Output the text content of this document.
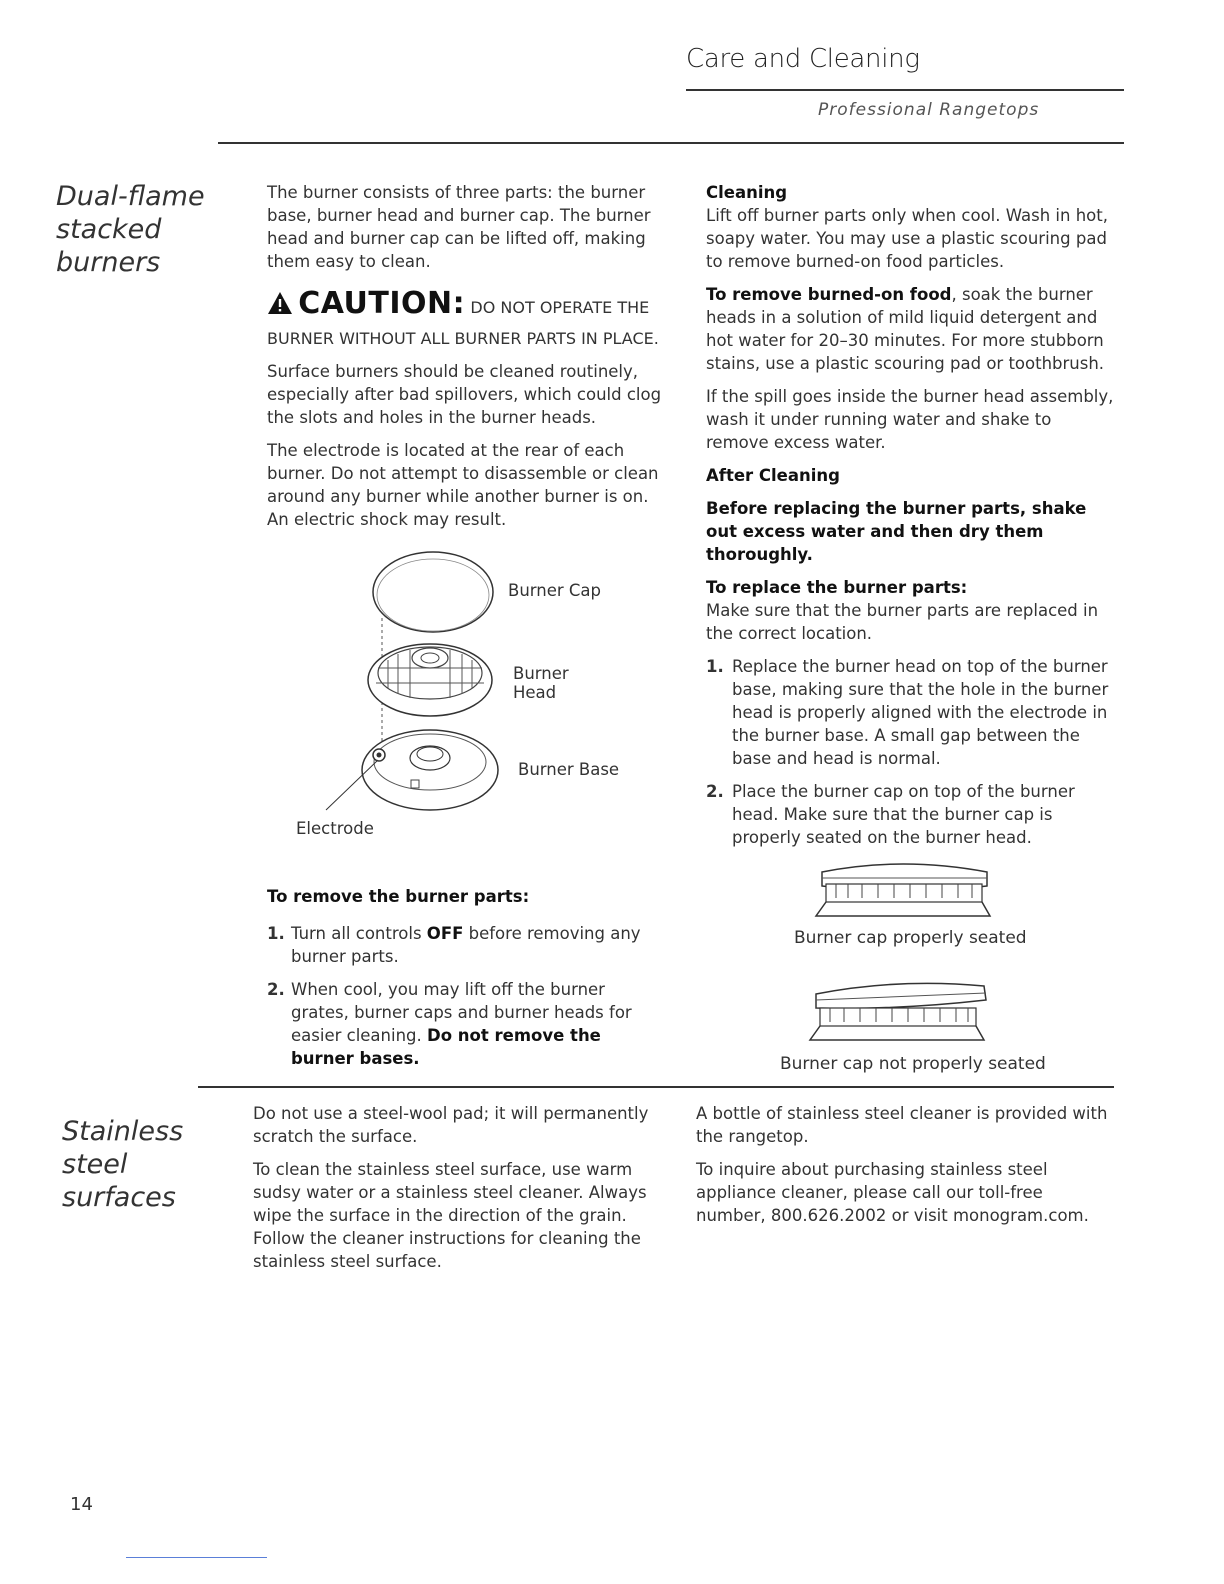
Care and Cleaning
Professional Rangetops
Dual-flame
stacked burners

The burner consists of three parts: the burner base, burner head and burner cap. The burner head and burner cap can be lifted off, making them easy to clean.

CAUTION: DO NOT OPERATE THE
BURNER WITHOUT ALL BURNER PARTS IN PLACE.

Surface burners should be cleaned routinely, especially after bad spillovers, which could clog the slots and holes in the burner heads.

The electrode is located at the rear of each burner. Do not attempt to disassemble or clean around any burner while another burner is on. An electric shock may result.

Burner Cap
Burner
Head
Burner Base
Electrode
To remove the burner parts:
1. Turn all controls OFF before removing any burner parts.
2. When cool, you may lift off the burner grates, burner caps and burner heads for easier cleaning. Do not remove the burner bases.
Cleaning

Lift off burner parts only when cool. Wash in hot, soapy water. You may use a plastic scouring pad to remove burned-on food particles.

To remove burned-on food, soak the burner heads in a solution of mild liquid detergent and hot water for 20–30 minutes. For more stubborn stains, use a plastic scouring pad or toothbrush.

If the spill goes inside the burner head assembly, wash it under running water and shake to remove excess water.

After Cleaning

Before replacing the burner parts, shake out excess water and then dry them thoroughly.

To replace the burner parts:

Make sure that the burner parts are replaced in the correct location.

1. Replace the burner head on top of the burner base, making sure that the hole in the burner head is properly aligned with the electrode in the burner base. A small gap between the base and head is normal.
2. Place the burner cap on top of the burner head. Make sure that the burner cap is properly seated on the burner head.
Burner cap properly seated
Burner cap not properly seated
Stainless
steel
surfaces

Do not use a steel-wool pad; it will permanently scratch the surface.

To clean the stainless steel surface, use warm sudsy water or a stainless steel cleaner. Always wipe the surface in the direction of the grain. Follow the cleaner instructions for cleaning the stainless steel surface.

A bottle of stainless steel cleaner is provided with the rangetop.

To inquire about purchasing stainless steel appliance cleaner, please call our toll-free number, 800.626.2002 or visit monogram.com.

14
